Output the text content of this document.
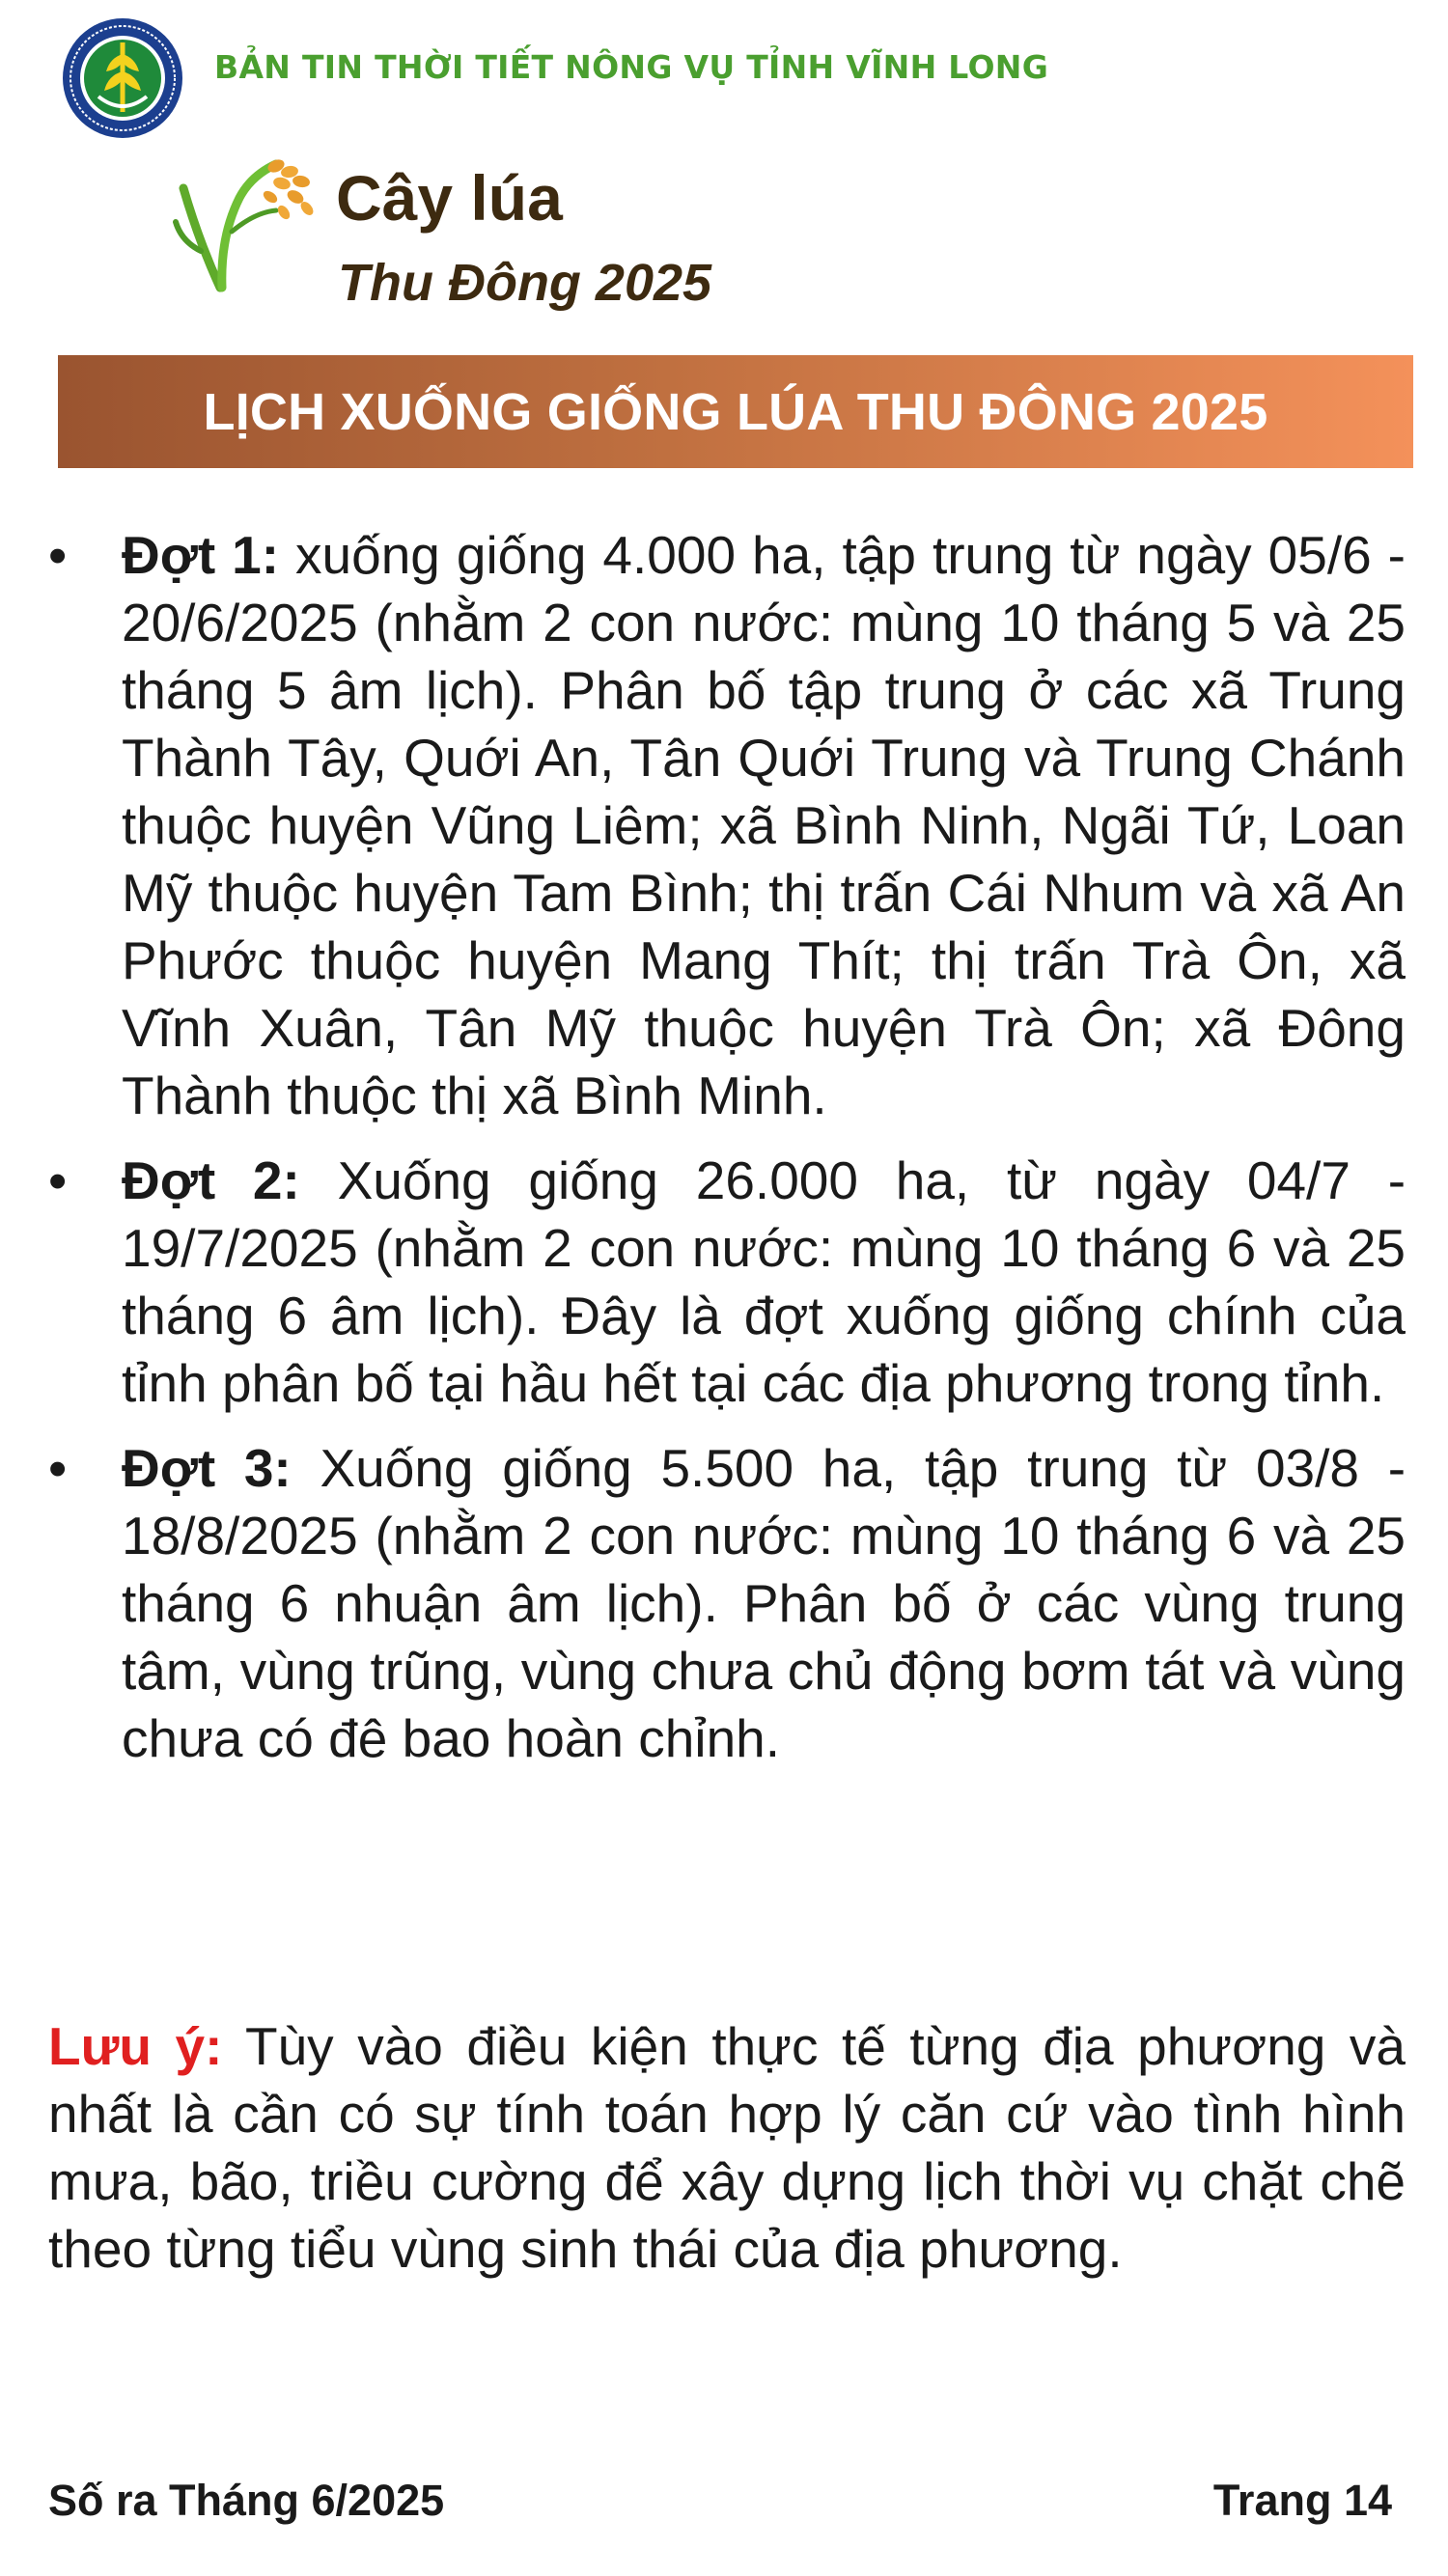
BẢN TIN THỜI TIẾT NÔNG VỤ TỈNH VĨNH LONG
Cây lúa
Thu Đông 2025
LỊCH XUỐNG GIỐNG LÚA THU ĐÔNG 2025
• Đợt 1: xuống giống 4.000 ha, tập trung từ ngày 05/6 - 20/6/2025 (nhằm 2 con nước: mùng 10 tháng 5 và 25 tháng 5 âm lịch). Phân bố tập trung ở các xã Trung Thành Tây, Quới An, Tân Quới Trung và Trung Chánh thuộc huyện Vũng Liêm; xã Bình Ninh, Ngãi Tứ, Loan Mỹ thuộc huyện Tam Bình; thị trấn Cái Nhum và xã An Phước thuộc huyện Mang Thít; thị trấn Trà Ôn, xã Vĩnh Xuân, Tân Mỹ thuộc huyện Trà Ôn; xã Đông Thành thuộc thị xã Bình Minh.
• Đợt 2: Xuống giống 26.000 ha, từ ngày 04/7 - 19/7/2025 (nhằm 2 con nước: mùng 10 tháng 6 và 25 tháng 6 âm lịch). Đây là đợt xuống giống chính của tỉnh phân bố tại hầu hết tại các địa phương trong tỉnh.
• Đợt 3: Xuống giống 5.500 ha, tập trung từ 03/8 - 18/8/2025 (nhằm 2 con nước: mùng 10 tháng 6 và 25 tháng 6 nhuận âm lịch). Phân bố ở các vùng trung tâm, vùng trũng, vùng chưa chủ động bơm tát và vùng chưa có đê bao hoàn chỉnh.

Lưu ý: Tùy vào điều kiện thực tế từng địa phương và nhất là cần có sự tính toán hợp lý căn cứ vào tình hình mưa, bão, triều cường để xây dựng lịch thời vụ chặt chẽ theo từng tiểu vùng sinh thái của địa phương.

Số ra Tháng 6/2025	Trang 14
